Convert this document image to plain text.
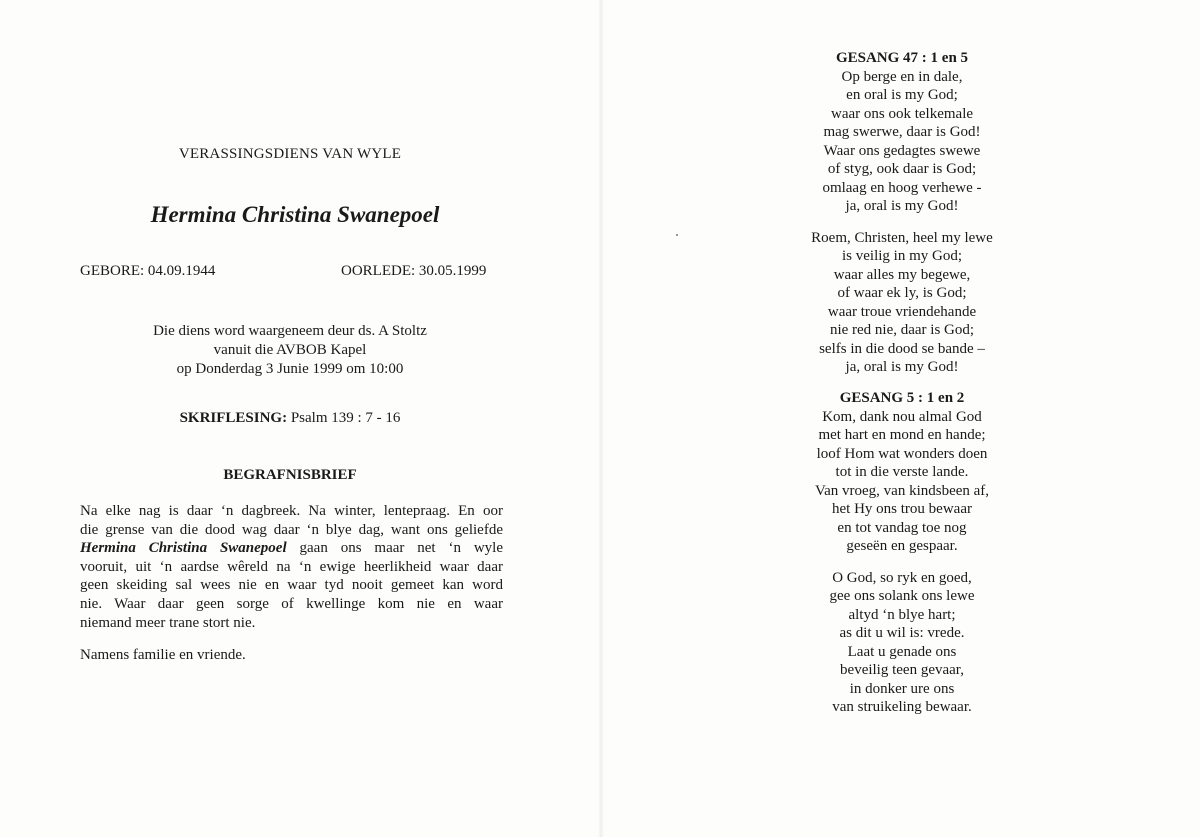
VERASSINGSDIENS VAN WYLE
Hermina Christina Swanepoel
GEBORE: 04.09.1944	OORLEDE: 30.05.1999
Die diens word waargeneem deur ds. A Stoltz
vanuit die AVBOB Kapel
op Donderdag 3 Junie 1999 om 10:00
SKRIFLESING: Psalm 139 : 7 - 16
BEGRAFNISBRIEF
Na elke nag is daar ‘n dagbreek. Na winter, lentepraag. En oor
die grense van die dood wag daar ‘n blye dag, want ons geliefde
Hermina Christina Swanepoel gaan ons maar net ‘n wyle
vooruit, uit ‘n aardse wêreld na ‘n ewige heerlikheid waar daar
geen skeiding sal wees nie en waar tyd nooit gemeet kan word
nie. Waar daar geen sorge of kwellinge kom nie en waar
niemand meer trane stort nie.
Namens familie en vriende.
GESANG 47 : 1 en 5
Op berge en in dale,
en oral is my God;
waar ons ook telkemale
mag swerwe, daar is God!
Waar ons gedagtes swewe
of styg, ook daar is God;
omlaag en hoog verhewe -
ja, oral is my God!
Roem, Christen, heel my lewe
is veilig in my God;
waar alles my begewe,
of waar ek ly, is God;
waar troue vriendehande
nie red nie, daar is God;
selfs in die dood se bande –
ja, oral is my God!
GESANG 5 : 1 en 2
Kom, dank nou almal God
met hart en mond en hande;
loof Hom wat wonders doen
tot in die verste lande.
Van vroeg, van kindsbeen af,
het Hy ons trou bewaar
en tot vandag toe nog
geseën en gespaar.
O God, so ryk en goed,
gee ons solank ons lewe
altyd ‘n blye hart;
as dit u wil is: vrede.
Laat u genade ons
beveilig teen gevaar,
in donker ure ons
van struikeling bewaar.
